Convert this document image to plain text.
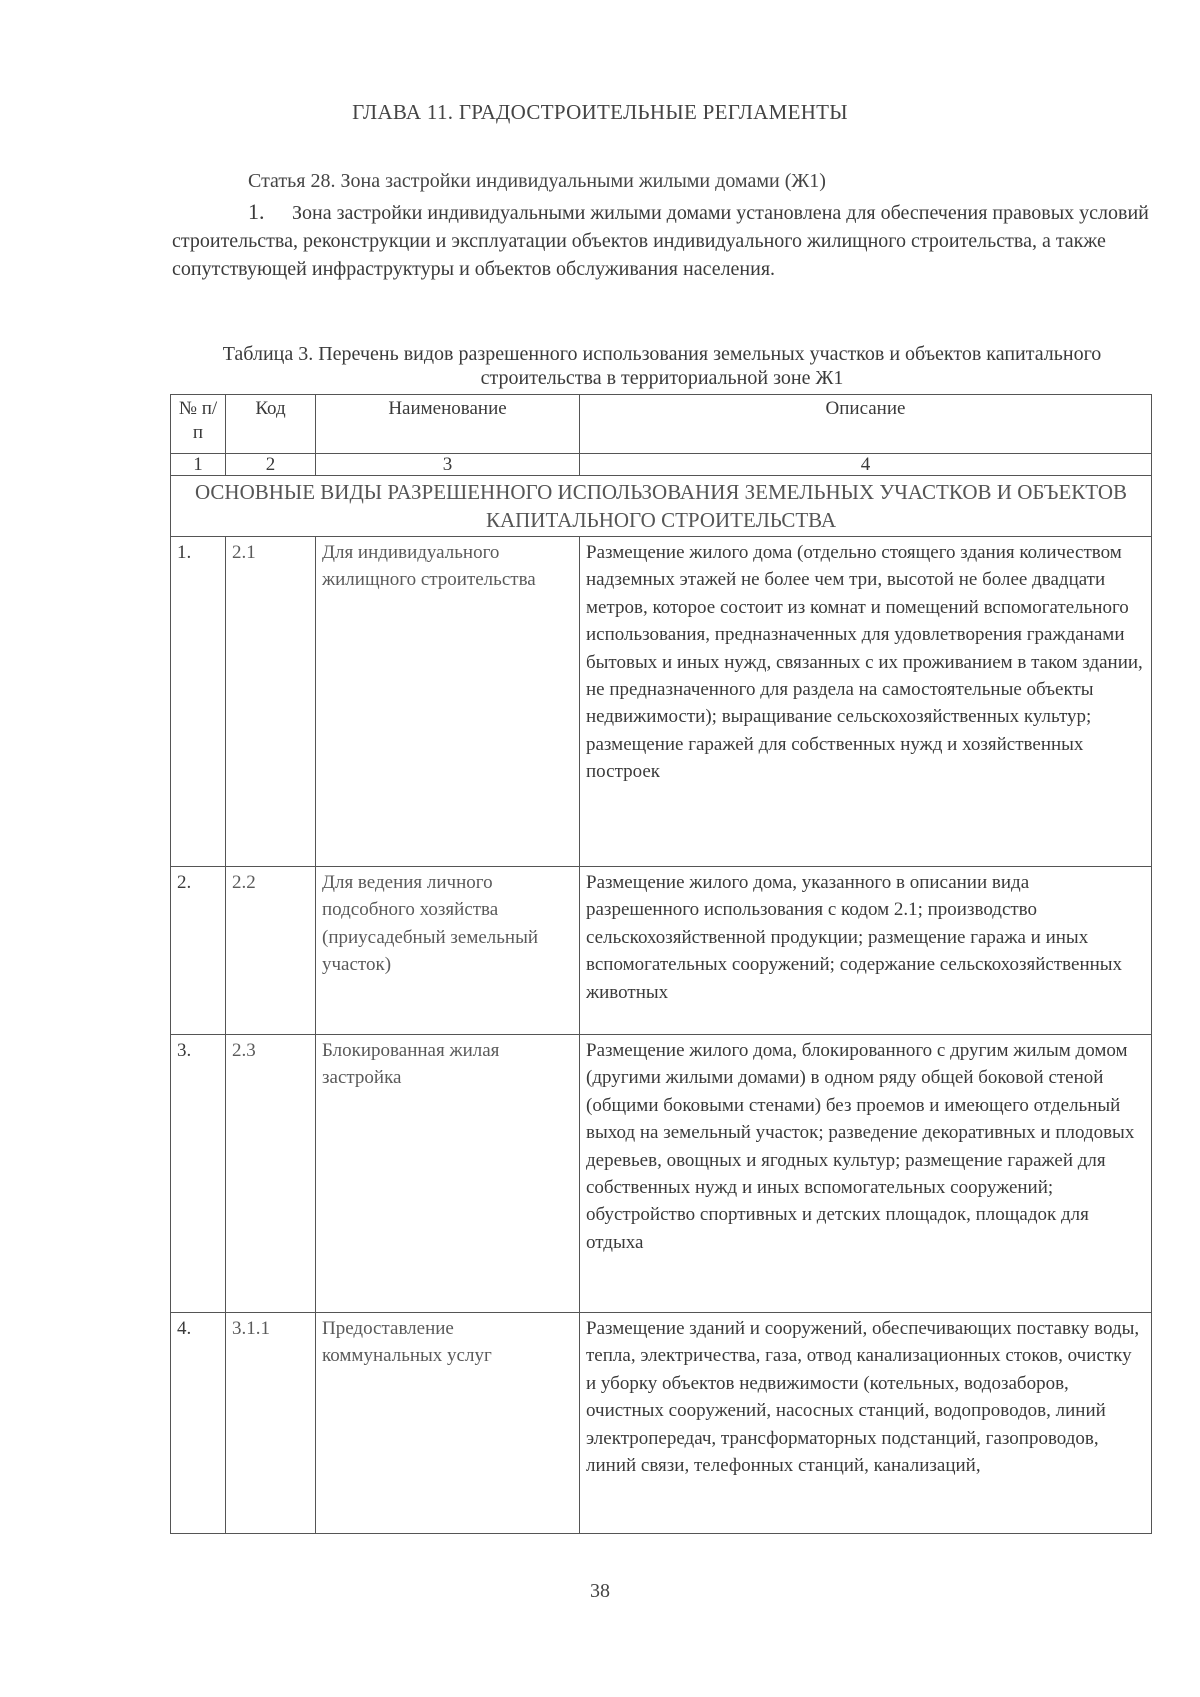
ГЛАВА 11. ГРАДОСТРОИТЕЛЬНЫЕ РЕГЛАМЕНТЫ
Статья 28. Зона застройки индивидуальными жилыми домами (Ж1)

1. Зона застройки индивидуальными жилыми домами установлена для обеспечения правовых условий строительства, реконструкции и эксплуатации объектов индивидуального жилищного строительства, а также сопутствующей инфраструктуры и объектов обслуживания населения.

Таблица 3. Перечень видов разрешенного использования земельных участков и объектов капитального строительства в территориальной зоне Ж1
№ п/п	Код	Наименование	Описание
1	2	3	4
ОСНОВНЫЕ ВИДЫ РАЗРЕШЕННОГО ИСПОЛЬЗОВАНИЯ ЗЕМЕЛЬНЫХ УЧАСТКОВ И ОБЪЕКТОВ КАПИТАЛЬНОГО СТРОИТЕЛЬСТВА			
1.	2.1	Для индивидуального жилищного строительства	Размещение жилого дома (отдельно стоящего здания количеством надземных этажей не более чем три, высотой не более двадцати метров, которое состоит из комнат и помещений вспомогательного использования, предназначенных для удовлетворения гражданами бытовых и иных нужд, связанных с их проживанием в таком здании, не предназначенного для раздела на самостоятельные объекты недвижимости); выращивание сельскохозяйственных культур; размещение гаражей для собственных нужд и хозяйственных построек
2.	2.2	Для ведения личного подсобного хозяйства (приусадебный земельный участок)	Размещение жилого дома, указанного в описании вида разрешенного использования с кодом 2.1; производство сельскохозяйственной продукции; размещение гаража и иных вспомогательных сооружений; содержание сельскохозяйственных животных
3.	2.3	Блокированная жилая застройка	Размещение жилого дома, блокированного с другим жилым домом (другими жилыми домами) в одном ряду общей боковой стеной (общими боковыми стенами) без проемов и имеющего отдельный выход на земельный участок; разведение декоративных и плодовых деревьев, овощных и ягодных культур; размещение гаражей для собственных нужд и иных вспомогательных сооружений; обустройство спортивных и детских площадок, площадок для отдыха
4.	3.1.1	Предоставление коммунальных услуг	Размещение зданий и сооружений, обеспечивающих поставку воды, тепла, электричества, газа, отвод канализационных стоков, очистку и уборку объектов недвижимости (котельных, водозаборов, очистных сооружений, насосных станций, водопроводов, линий электропередач, трансформаторных подстанций, газопроводов, линий связи, телефонных станций, канализаций,
38
